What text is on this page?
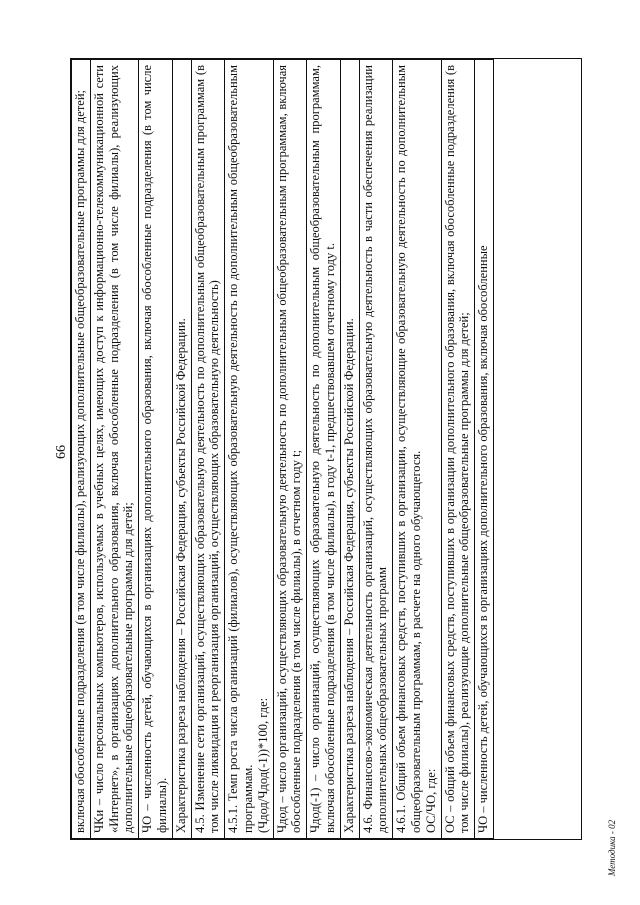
66 включая обособленные подразделения (в том числе филиалы), реализующих дополнительные общеобразовательные программы для детей; ЧКи – число персональных компьютеров, используемых в учебных целях, имеющих доступ к информационно-телекоммуникационной сети «Интернет», в организациях дополнительного образования, включая обособленные подразделения (в том числе филиалы), реализующих дополнительные общеобразовательные программы для детей; ЧО – численность детей, обучающихся в организациях дополнительного образования, включая обособленные подразделения (в том числе филиалы). Характеристика разреза наблюдения – Российская Федерация, субъекты Российской Федерации. 4.5. Изменение сети организаций, осуществляющих образовательную деятельность по дополнительным общеобразовательным программам (в том числе ликвидация и реорганизация организаций, осуществляющих образовательную деятельность) 4.5.1. Темп роста числа организаций (филиалов), осуществляющих образовательную деятельность по дополнительным общеобразовательным программам. (Чдод/Чдод(-1))*100, где: Чдод – число организаций, осуществляющих образовательную деятельность по дополнительным общеобразовательным программам, включая обособленные подразделения (в том числе филиалы), в отчетном году t; Чдод(-1) – число организаций, осуществляющих образовательную деятельность по дополнительным общеобразовательным программам, включая обособленные подразделения (в том числе филиалы), в году t-1, предшествовавшем отчетному году t. Характеристика разреза наблюдения – Российская Федерация, субъекты Российской Федерации. 4.6. Финансово-экономическая деятельность организаций, осуществляющих образовательную деятельность в части обеспечения реализации дополнительных общеобразовательных программ 4.6.1. Общий объем финансовых средств, поступивших в организации, осуществляющие образовательную деятельность по дополнительным общеобразовательным программам, в расчете на одного обучающегося. ОС/ЧО, где: ОС – общий объем финансовых средств, поступивших в организации дополнительного образования, включая обособленные подразделения (в том числе филиалы), реализующие дополнительные общеобразовательные программы для детей; ЧО – численность детей, обучающихся в организациях дополнительного образования, включая обособленные

Методика - 02
